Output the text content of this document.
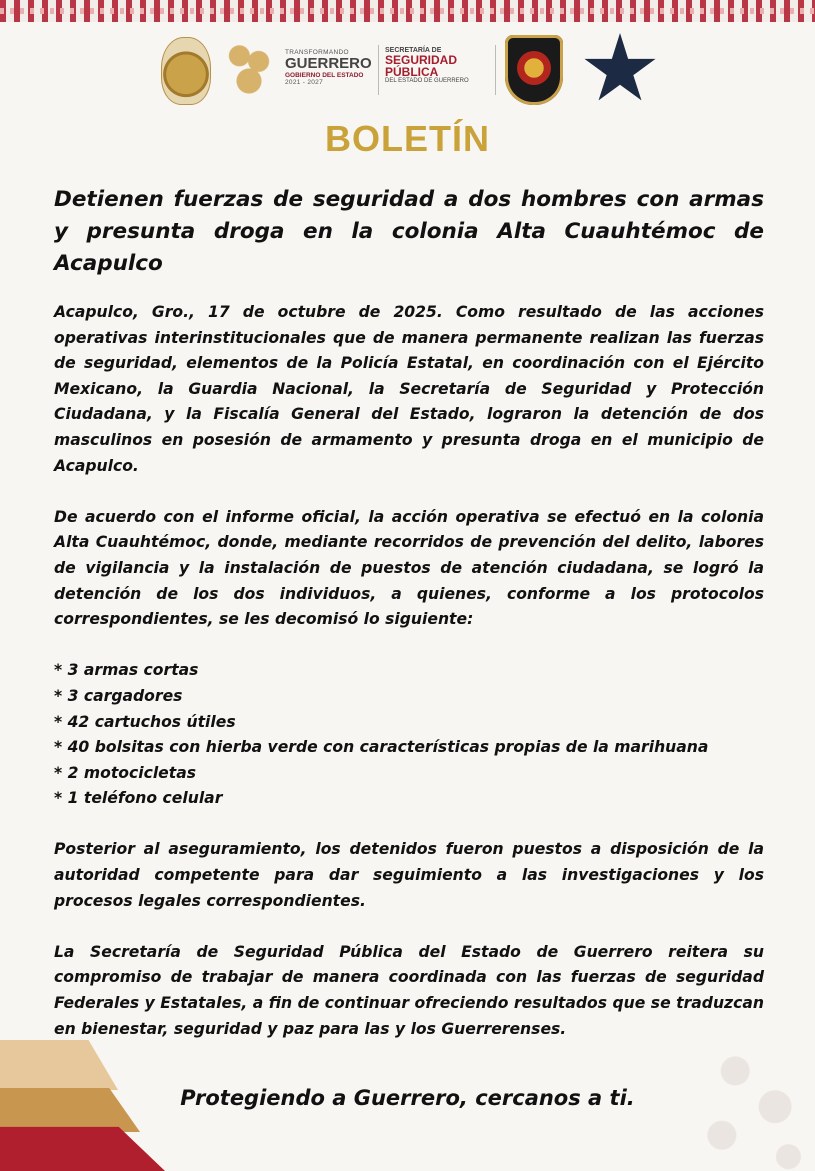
TRANSFORMANDO
GUERRERO
GOBIERNO DEL ESTADO
2021 - 2027
SECRETARÍA DE
SEGURIDAD
PÚBLICA
DEL ESTADO DE GUERRERO
BOLETÍN
Detienen fuerzas de seguridad a dos hombres con armas y presunta droga en la colonia Alta Cuauhtémoc de Acapulco

Acapulco, Gro., 17 de octubre de 2025. Como resultado de las acciones operativas interinstitucionales que de manera permanente realizan las fuerzas de seguridad, elementos de la Policía Estatal, en coordinación con el Ejército Mexicano, la Guardia Nacional, la Secretaría de Seguridad y Protección Ciudadana, y la Fiscalía General del Estado, lograron la detención de dos masculinos en posesión de armamento y presunta droga en el municipio de Acapulco.

De acuerdo con el informe oficial, la acción operativa se efectuó en la colonia Alta Cuauhtémoc, donde, mediante recorridos de prevención del delito, labores de vigilancia y la instalación de puestos de atención ciudadana, se logró la detención de los dos individuos, a quienes, conforme a los protocolos correspondientes, se les decomisó lo siguiente:

* 3 armas cortas
* 3 cargadores
* 42 cartuchos útiles
* 40 bolsitas con hierba verde con características propias de la marihuana
* 2 motocicletas
* 1 teléfono celular

Posterior al aseguramiento, los detenidos fueron puestos a disposición de la autoridad competente para dar seguimiento a las investigaciones y los procesos legales correspondientes.

La Secretaría de Seguridad Pública del Estado de Guerrero reitera su compromiso de trabajar de manera coordinada con las fuerzas de seguridad Federales y Estatales, a fin de continuar ofreciendo resultados que se traduzcan en bienestar, seguridad y paz para las y los Guerrerenses.

Protegiendo a Guerrero, cercanos a ti.
